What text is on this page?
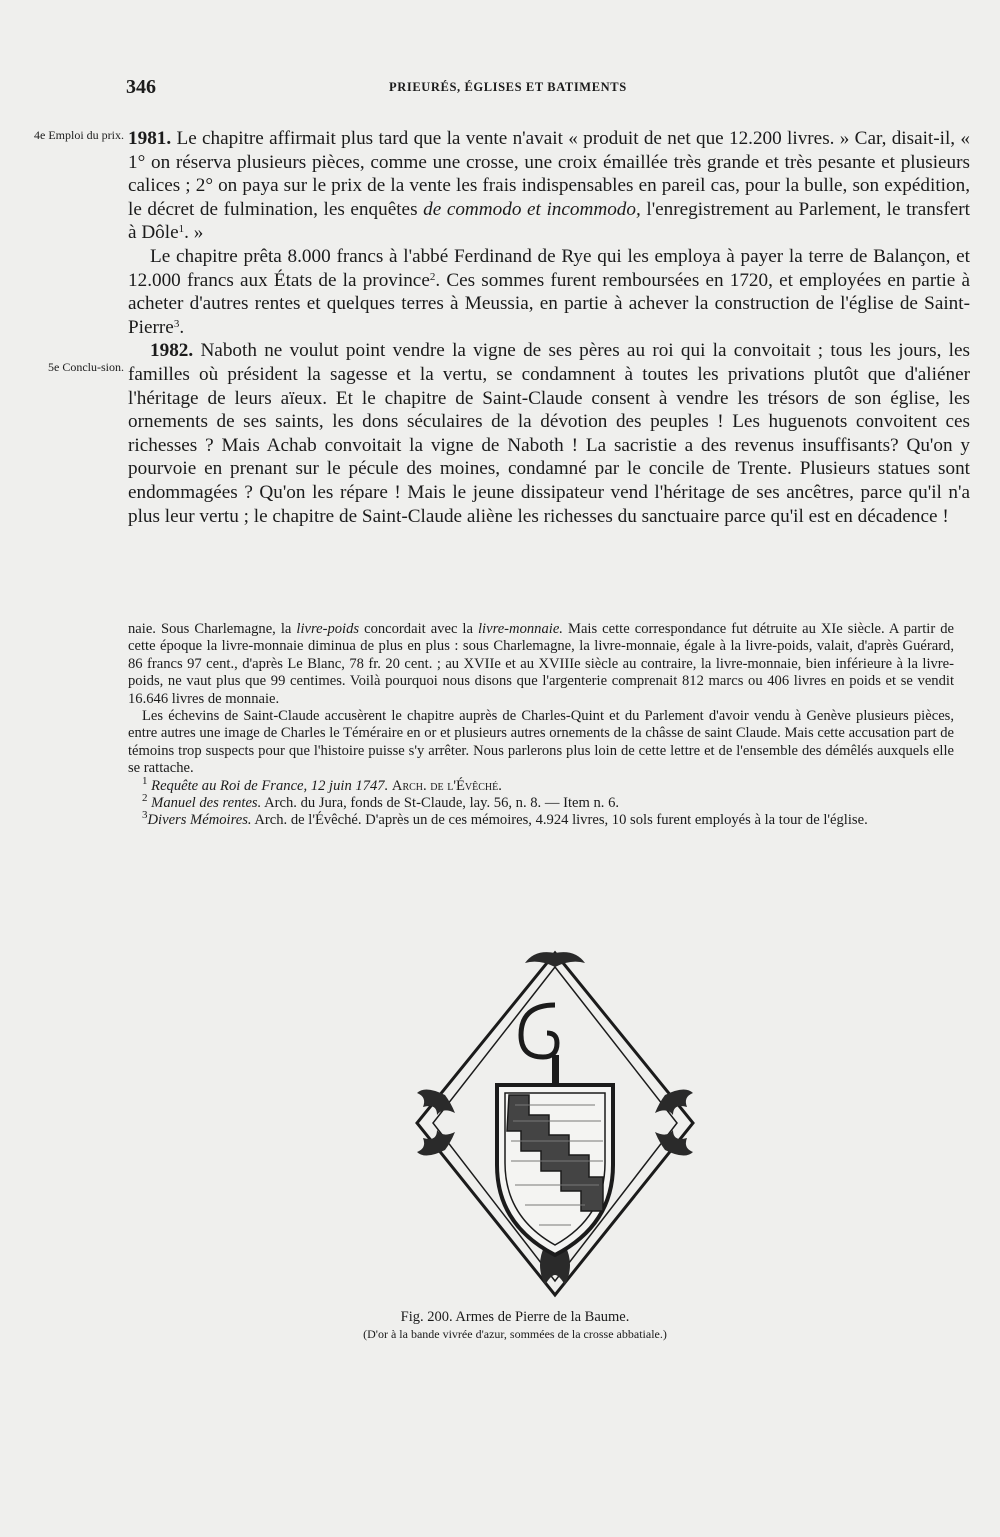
346	PRIEURÉS, ÉGLISES ET BATIMENTS
4e Emploi du prix.
5e Conclu-sion.

1981. Le chapitre affirmait plus tard que la vente n'avait « produit de net que 12.200 livres. » Car, disait-il, « 1° on réserva plusieurs pièces, comme une crosse, une croix émaillée très grande et très pesante et plusieurs calices ; 2° on paya sur le prix de la vente les frais indispensables en pareil cas, pour la bulle, son expédition, le décret de fulmination, les enquêtes de commodo et incommodo, l'enregistrement au Parlement, le transfert à Dôle$^1$. »

Le chapitre prêta 8.000 francs à l'abbé Ferdinand de Rye qui les employa à payer la terre de Balançon, et 12.000 francs aux États de la province$^2$. Ces sommes furent remboursées en 1720, et employées en partie à acheter d'autres rentes et quelques terres à Meussia, en partie à achever la construction de l'église de Saint-Pierre$^3$.

1982. Naboth ne voulut point vendre la vigne de ses pères au roi qui la convoitait ; tous les jours, les familles où président la sagesse et la vertu, se condamnent à toutes les privations plutôt que d'aliéner l'héritage de leurs aïeux. Et le chapitre de Saint-Claude consent à vendre les trésors de son église, les ornements de ses saints, les dons séculaires de la dévotion des peuples ! Les huguenots convoitent ces richesses ? Mais Achab convoitait la vigne de Naboth ! La sacristie a des revenus insuffisants? Qu'on y pourvoie en prenant sur le pécule des moines, condamné par le concile de Trente. Plusieurs statues sont endommagées ? Qu'on les répare ! Mais le jeune dissipateur vend l'héritage de ses ancêtres, parce qu'il n'a plus leur vertu ; le chapitre de Saint-Claude aliène les richesses du sanctuaire parce qu'il est en décadence !

naie. Sous Charlemagne, la livre-poids concordait avec la livre-monnaie. Mais cette correspondance fut détruite au XIe siècle. A partir de cette époque la livre-monnaie diminua de plus en plus : sous Charlemagne, la livre-monnaie, égale à la livre-poids, valait, d'après Guérard, 86 francs 97 cent., d'après Le Blanc, 78 fr. 20 cent. ; au XVIIe et au XVIIIe siècle au contraire, la livre-monnaie, bien inférieure à la livre-poids, ne vaut plus que 99 centimes. Voilà pourquoi nous disons que l'argenterie comprenait 812 marcs ou 406 livres en poids et se vendit 16.646 livres de monnaie.

Les échevins de Saint-Claude accusèrent le chapitre auprès de Charles-Quint et du Parlement d'avoir vendu à Genève plusieurs pièces, entre autres une image de Charles le Téméraire en or et plusieurs autres ornements de la châsse de saint Claude. Mais cette accusation part de témoins trop suspects pour que l'histoire puisse s'y arrêter. Nous parlerons plus loin de cette lettre et de l'ensemble des démêlés auxquels elle se rattache.

$^1$ Requête au Roi de France, 12 juin 1747. Arch. de l'Évêché.

$^2$ Manuel des rentes. Arch. du Jura, fonds de St-Claude, lay. 56, n. 8. — Item n. 6.

$^3$Divers Mémoires. Arch. de l'Évêché. D'après un de ces mémoires, 4.924 livres, 10 sols furent employés à la tour de l'église.

Fig. 200. Armes de Pierre de la Baume.
(D'or à la bande vivrée d'azur, sommées de la crosse abbatiale.)
